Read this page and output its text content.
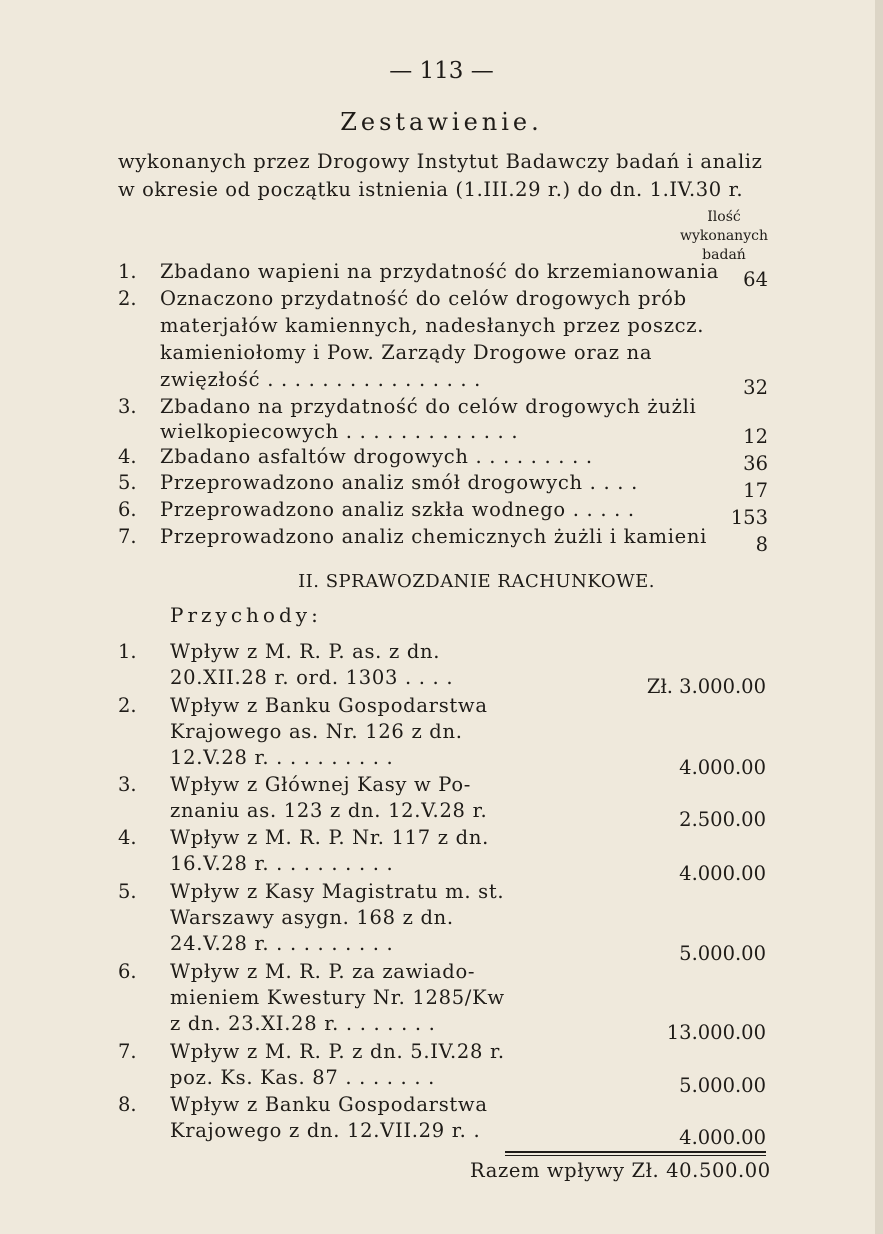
— 113 —
Zestawienie.
wykonanych przez Drogowy Instytut Badawczy badań i analiz
w okresie od początku istnienia (1.III.29 r.) do dn. 1.IV.30 r.
Ilość
wykonanych
badań
1. Zbadano wapieni na przydatność do krzemianowania	64
2. Oznaczono przydatność do celów drogowych prób
materjałów kamiennych, nadesłanych przez poszcz.
kamieniołomy i Pow. Zarządy Drogowe oraz na
zwięzłość . . . . . . . . . . . . . . . .	32
3. Zbadano na przydatność do celów drogowych żużli
wielkopiecowych . . . . . . . . . . . . .	12
4. Zbadano asfaltów drogowych . . . . . . . . .	36
5. Przeprowadzono analiz smół drogowych . . . .	17
6. Przeprowadzono analiz szkła wodnego . . . . .	153
7. Przeprowadzono analiz chemicznych żużli i kamieni	8
II. SPRAWOZDANIE RACHUNKOWE.
Przychody:
1. Wpływ z M. R. P. as. z dn.
20.XII.28 r. ord. 1303 . . . .	Zł. 3.000.00
2. Wpływ z Banku Gospodarstwa
Krajowego as. Nr. 126 z dn.
12.V.28 r. . . . . . . . . .	4.000.00
3. Wpływ z Głównej Kasy w Po-
znaniu as. 123 z dn. 12.V.28 r.	2.500.00
4. Wpływ z M. R. P. Nr. 117 z dn.
16.V.28 r. . . . . . . . . .	4.000.00
5. Wpływ z Kasy Magistratu m. st.
Warszawy asygn. 168 z dn.
24.V.28 r. . . . . . . . . .	5.000.00
6. Wpływ z M. R. P. za zawiado-
mieniem Kwestury Nr. 1285/Kw
z dn. 23.XI.28 r. . . . . . . .	13.000.00
7. Wpływ z M. R. P. z dn. 5.IV.28 r.
poz. Ks. Kas. 87 . . . . . . .	5.000.00
8. Wpływ z Banku Gospodarstwa
Krajowego z dn. 12.VII.29 r. .	4.000.00
Razem wpływy Zł. 40.500.00
